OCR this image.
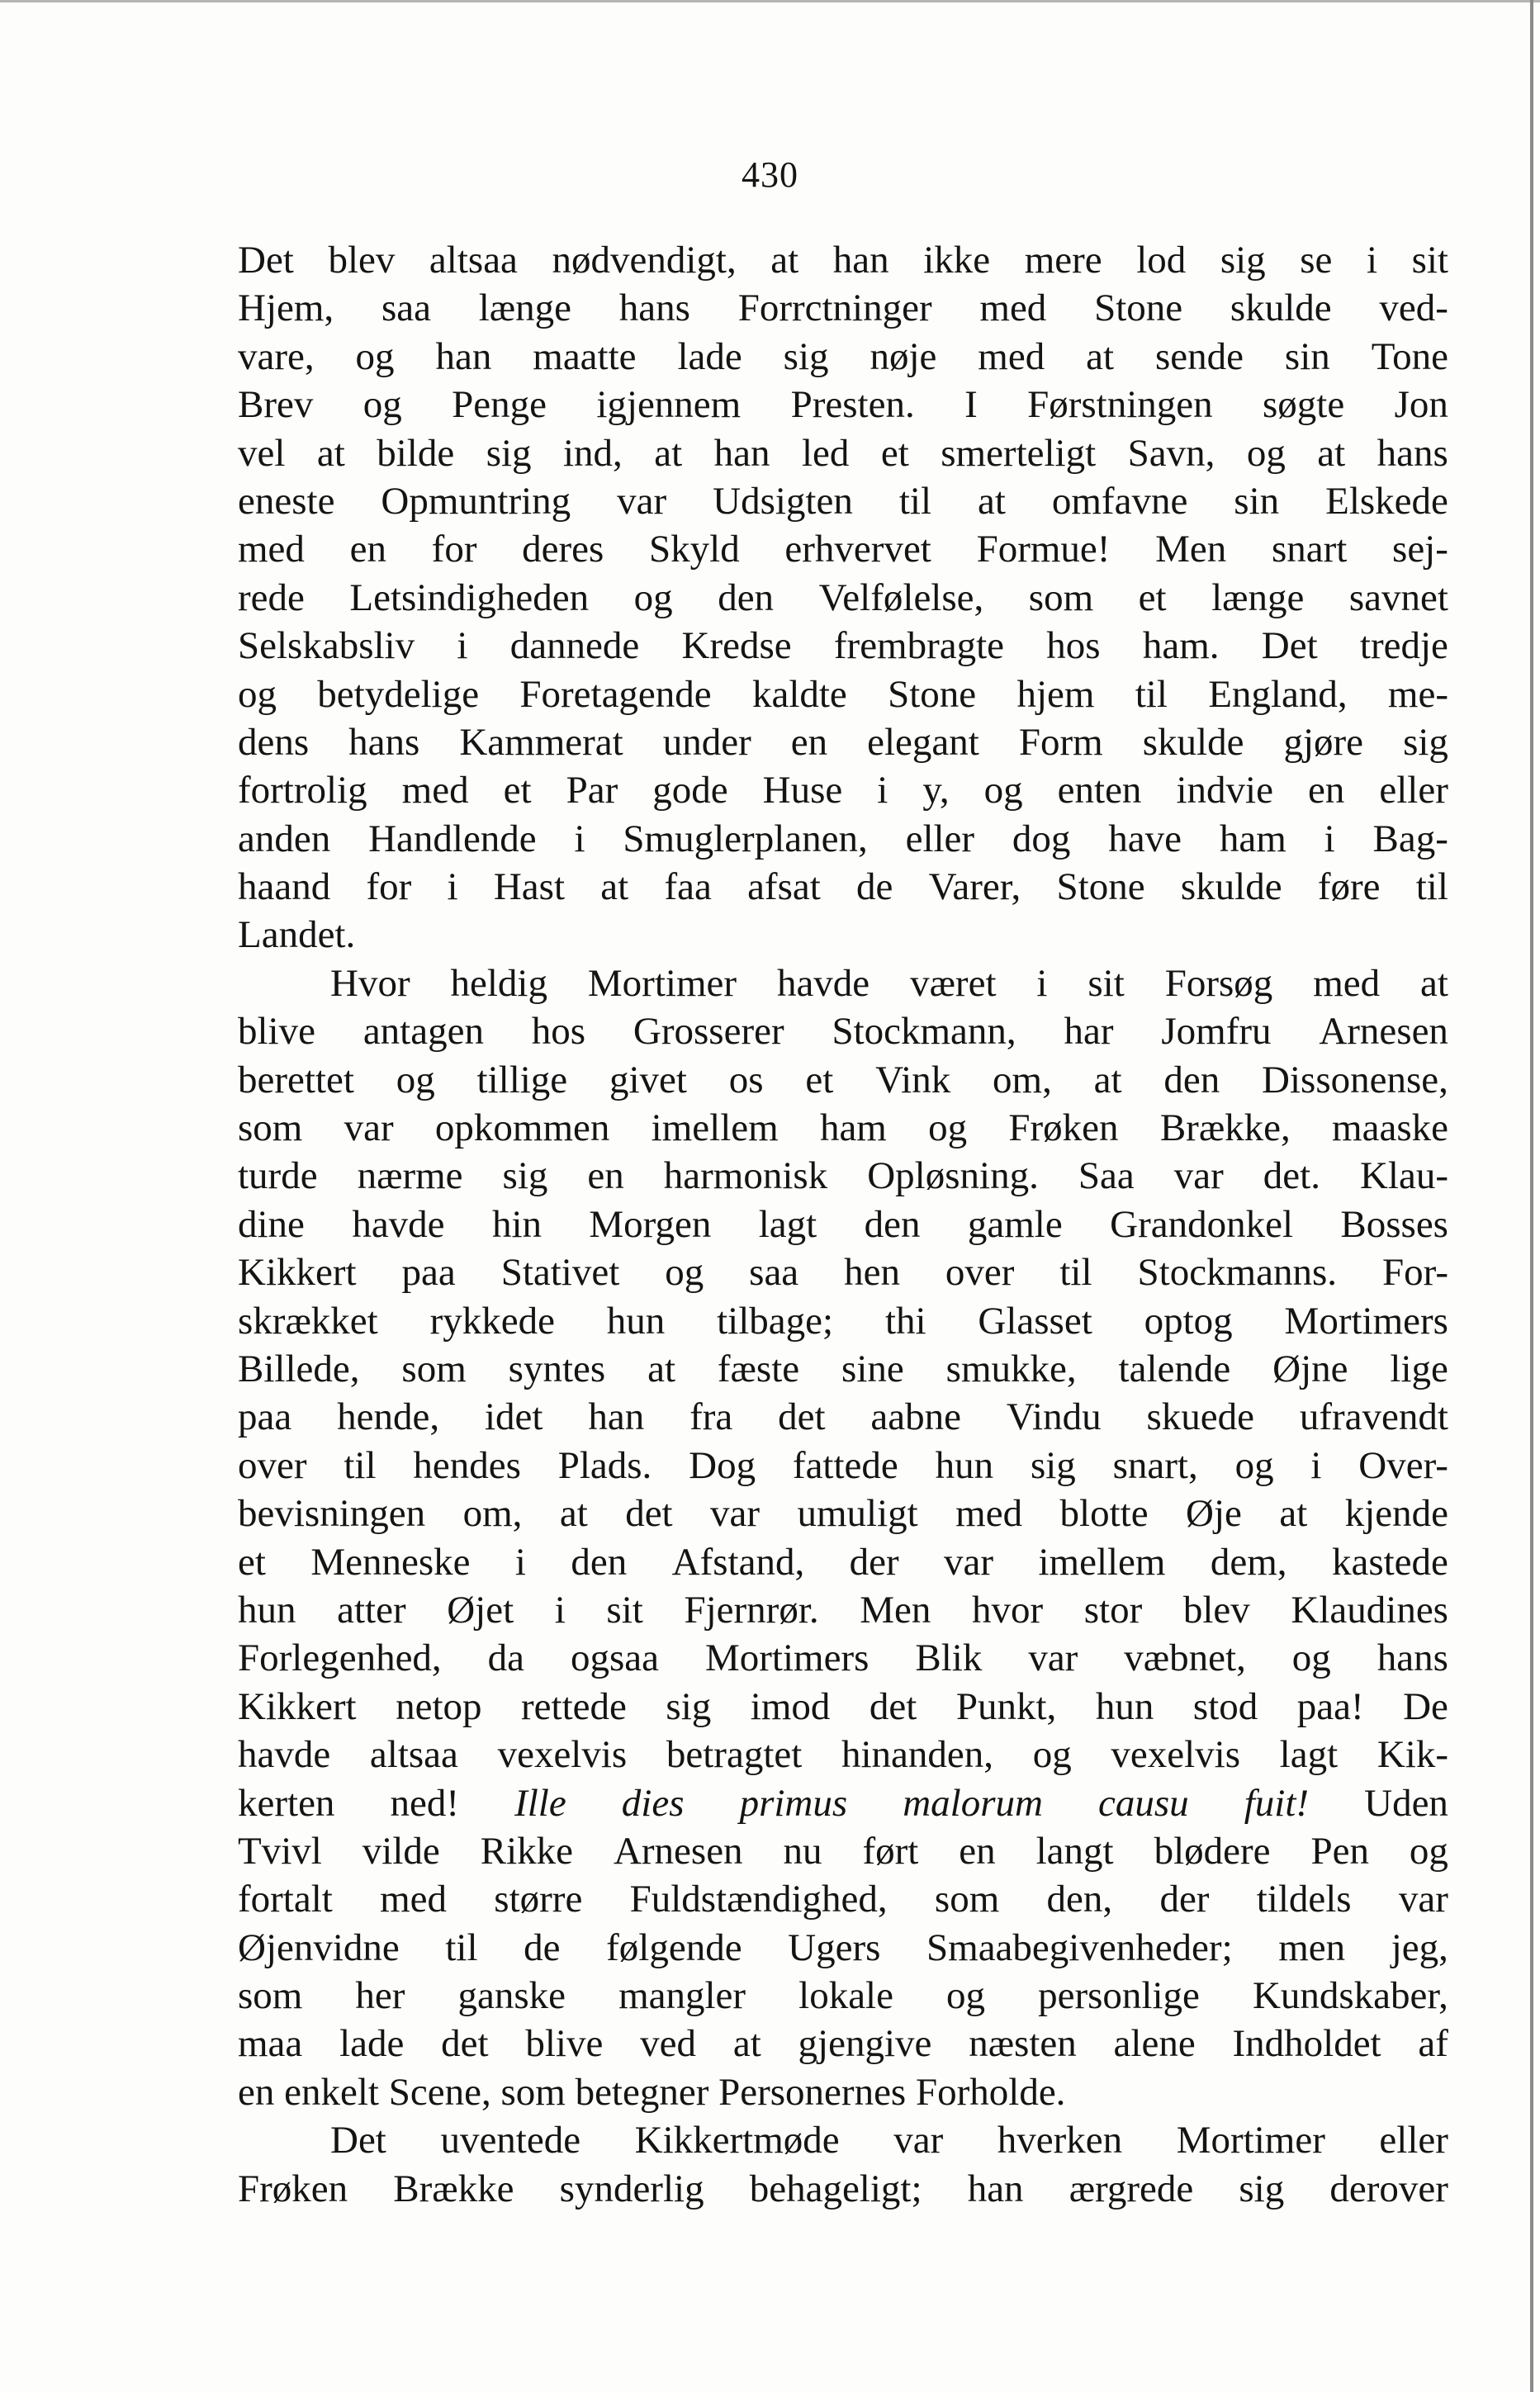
430
Det blev altsaa nødvendigt, at han ikke mere lod sig se i sit
Hjem, saa længe hans Forrctninger med Stone skulde ved-
vare, og han maatte lade sig nøje med at sende sin Tone
Brev og Penge igjennem Presten. I Førstningen søgte Jon
vel at bilde sig ind, at han led et smerteligt Savn, og at hans
eneste Opmuntring var Udsigten til at omfavne sin Elskede
med en for deres Skyld erhvervet Formue! Men snart sej-
rede Letsindigheden og den Velfølelse, som et længe savnet
Selskabsliv i dannede Kredse frembragte hos ham. Det tredje
og betydelige Foretagende kaldte Stone hjem til England, me-
dens hans Kammerat under en elegant Form skulde gjøre sig
fortrolig med et Par gode Huse i y, og enten indvie en eller
anden Handlende i Smuglerplanen, eller dog have ham i Bag-
haand for i Hast at faa afsat de Varer, Stone skulde føre til
Landet.
Hvor heldig Mortimer havde været i sit Forsøg med at
blive antagen hos Grosserer Stockmann, har Jomfru Arnesen
berettet og tillige givet os et Vink om, at den Dissonense,
som var opkommen imellem ham og Frøken Brække, maaske
turde nærme sig en harmonisk Opløsning. Saa var det. Klau-
dine havde hin Morgen lagt den gamle Grandonkel Bosses
Kikkert paa Stativet og saa hen over til Stockmanns. For-
skrækket rykkede hun tilbage; thi Glasset optog Mortimers
Billede, som syntes at fæste sine smukke, talende Øjne lige
paa hende, idet han fra det aabne Vindu skuede ufravendt
over til hendes Plads. Dog fattede hun sig snart, og i Over-
bevisningen om, at det var umuligt med blotte Øje at kjende
et Menneske i den Afstand, der var imellem dem, kastede
hun atter Øjet i sit Fjernrør. Men hvor stor blev Klaudines
Forlegenhed, da ogsaa Mortimers Blik var væbnet, og hans
Kikkert netop rettede sig imod det Punkt, hun stod paa! De
havde altsaa vexelvis betragtet hinanden, og vexelvis lagt Kik-
kerten ned! Ille dies primus malorum causu fuit! Uden
Tvivl vilde Rikke Arnesen nu ført en langt blødere Pen og
fortalt med større Fuldstændighed, som den, der tildels var
Øjenvidne til de følgende Ugers Smaabegivenheder; men jeg,
som her ganske mangler lokale og personlige Kundskaber,
maa lade det blive ved at gjengive næsten alene Indholdet af
en
enkelt
Scene,
som
betegner
Personernes
Forholde.
Det uventede Kikkertmøde var hverken Mortimer eller
Frøken Brække synderlig behageligt; han ærgrede sig derover
